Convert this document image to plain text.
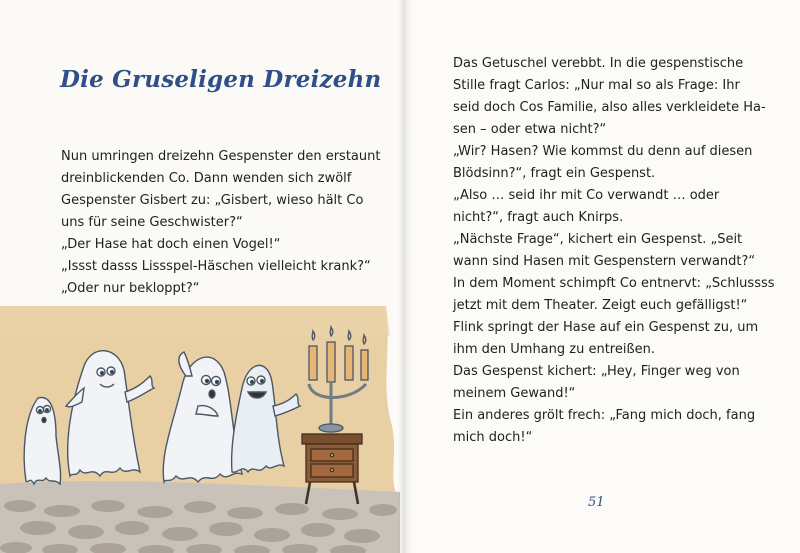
Die Gruseligen Dreizehn

Nun umringen dreizehn Gespenster den erstaunt

dreinblickenden Co. Dann wenden sich zwölf

Gespenster Gisbert zu: „Gisbert, wieso hält Co

uns für seine Geschwister?“

„Der Hase hat doch einen Vogel!“

„Issst dasss Lissspel-Häschen vielleicht krank?“

„Oder nur bekloppt?“

Das Getuschel verebbt. In die gespenstische

Stille fragt Carlos: „Nur mal so als Frage: Ihr

seid doch Cos Familie, also alles verkleidete Ha-

sen – oder etwa nicht?“

„Wir? Hasen? Wie kommst du denn auf diesen

Blödsinn?“, fragt ein Gespenst.

„Also … seid ihr mit Co verwandt … oder

nicht?“, fragt auch Knirps.

„Nächste Frage“, kichert ein Gespenst. „Seit

wann sind Hasen mit Gespenstern verwandt?“

In dem Moment schimpft Co entnervt: „Schlussss

jetzt mit dem Theater. Zeigt euch gefälligst!“

Flink springt der Hase auf ein Gespenst zu, um

ihm den Umhang zu entreißen.

Das Gespenst kichert: „Hey, Finger weg von

meinem Gewand!“

Ein anderes grölt frech: „Fang mich doch, fang

mich doch!“

51
